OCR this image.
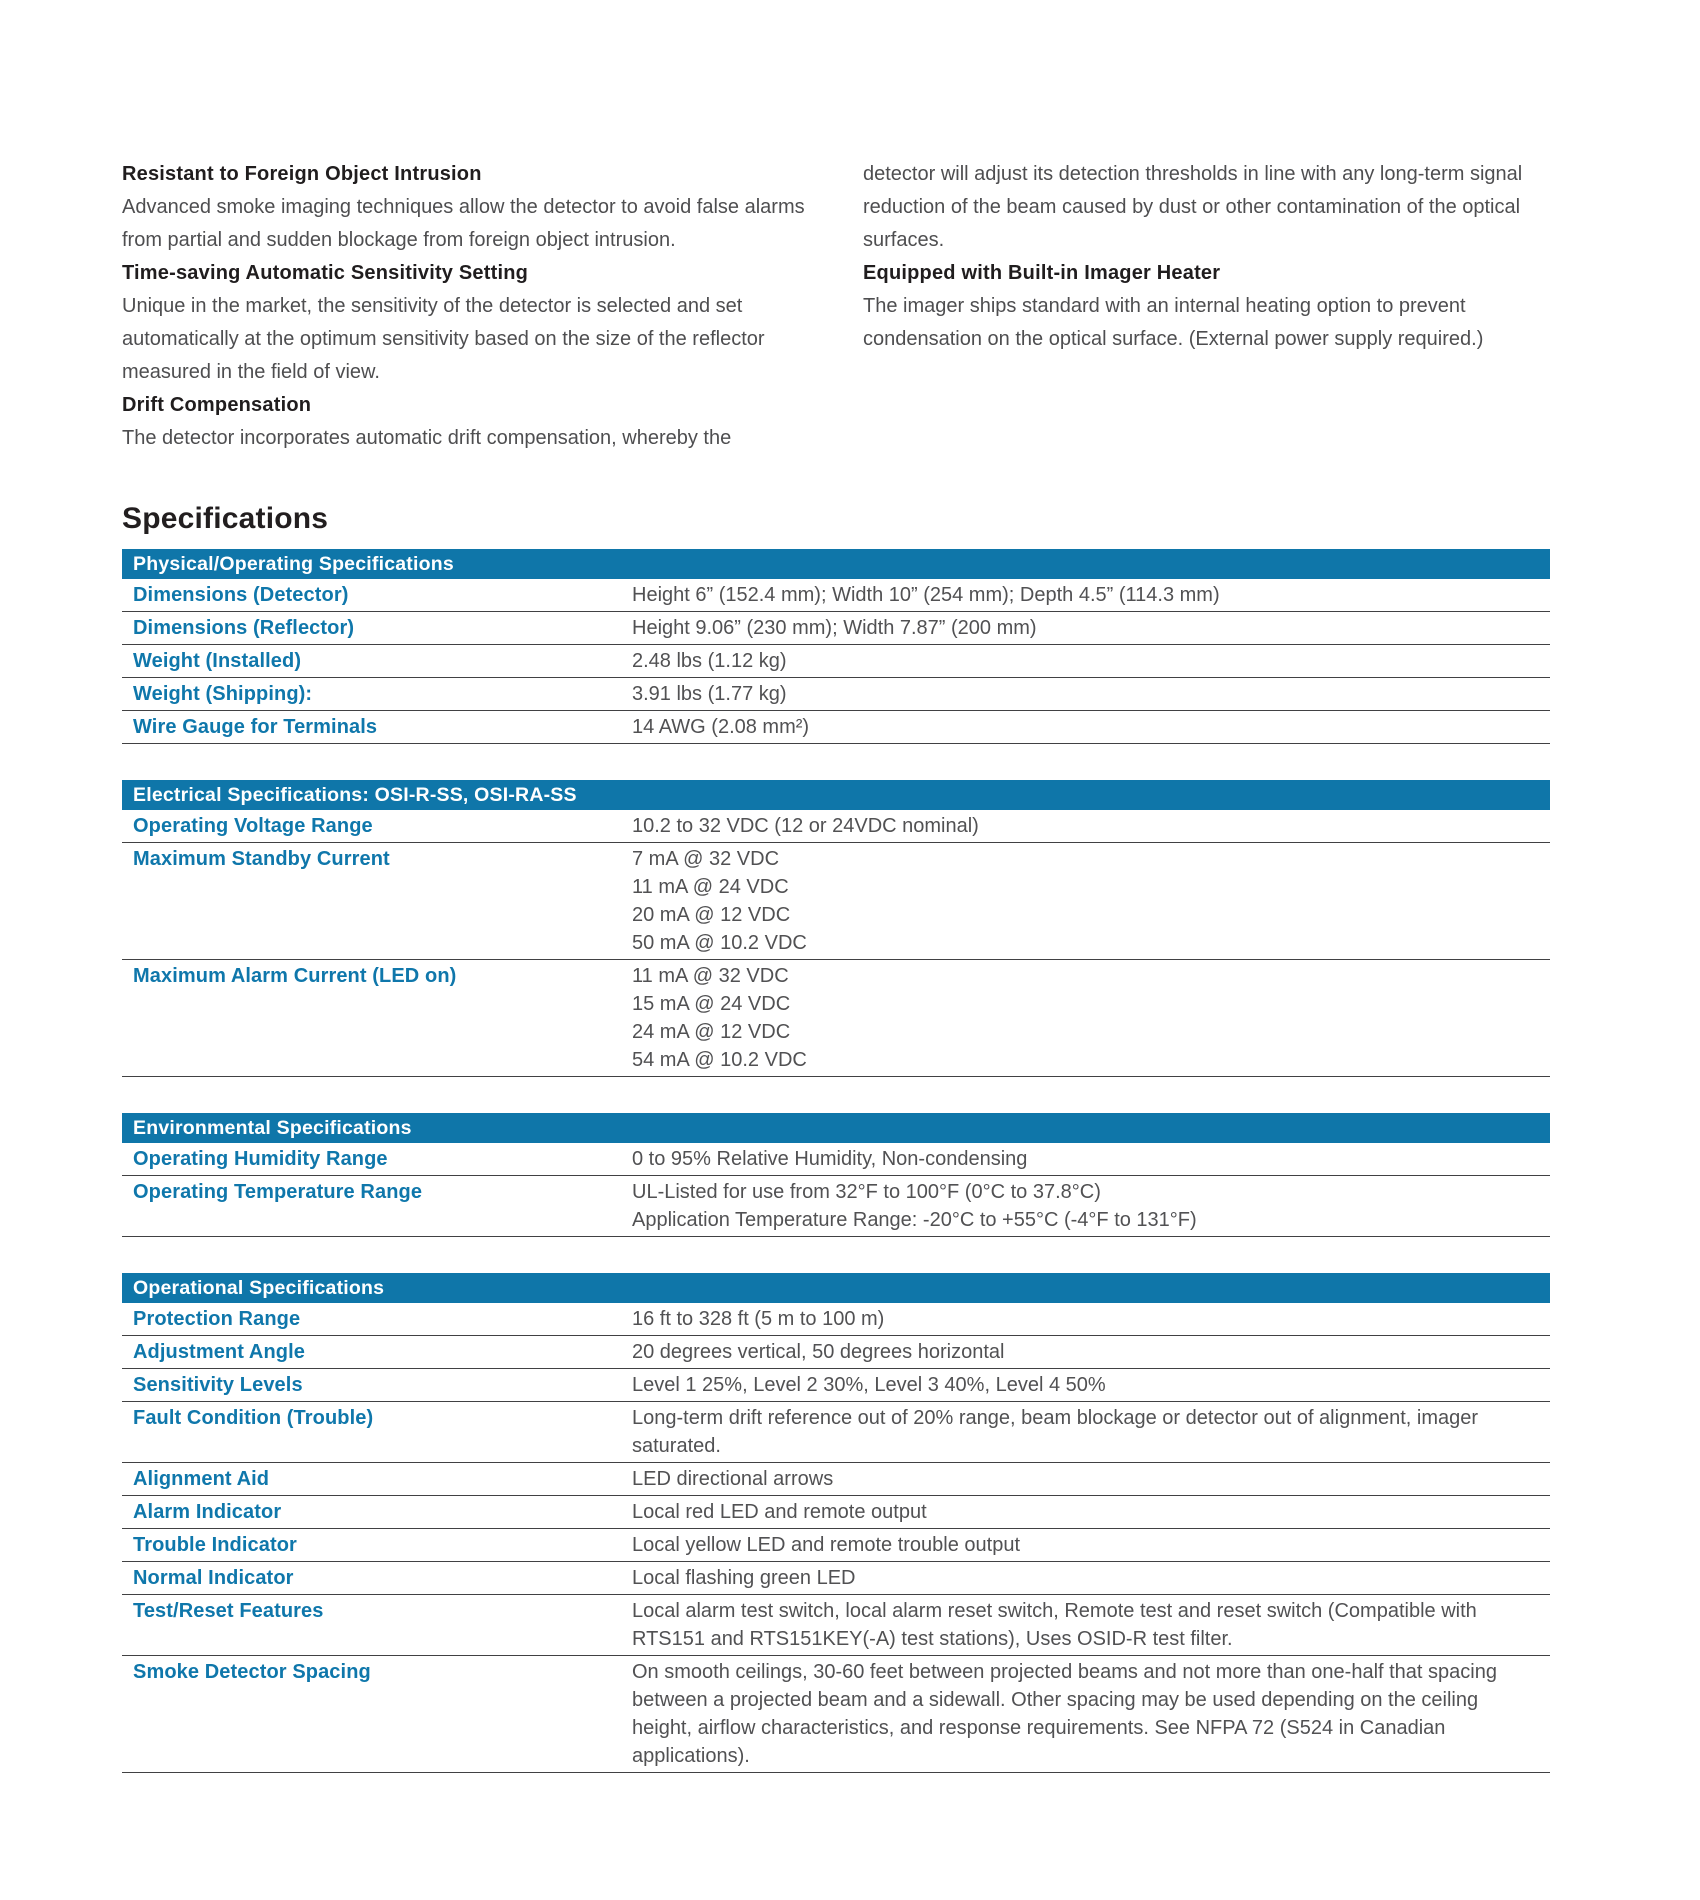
Resistant to Foreign Object Intrusion
Advanced smoke imaging techniques allow the detector to avoid false alarms from partial and sudden blockage from foreign object intrusion.
Time-saving Automatic Sensitivity Setting
Unique in the market, the sensitivity of the detector is selected and set automatically at the optimum sensitivity based on the size of the reflector measured in the field of view.
Drift Compensation
The detector incorporates automatic drift compensation, whereby the
detector will adjust its detection thresholds in line with any long-term signal reduction of the beam caused by dust or other contamination of the optical surfaces.
Equipped with Built-in Imager Heater
The imager ships standard with an internal heating option to prevent condensation on the optical surface. (External power supply required.)
Specifications
Physical/Operating Specifications
Dimensions (Detector)	Height 6” (152.4 mm); Width 10” (254 mm); Depth 4.5” (114.3 mm)
Dimensions (Reflector)	Height 9.06” (230 mm); Width 7.87” (200 mm)
Weight (Installed)	2.48 lbs (1.12 kg)
Weight (Shipping):	3.91 lbs (1.77 kg)
Wire Gauge for Terminals	14 AWG (2.08 mm²)
Electrical Specifications: OSI-R-SS, OSI-RA-SS
Operating Voltage Range	10.2 to 32 VDC (12 or 24VDC nominal)
Maximum Standby Current	7 mA @ 32 VDC
11 mA @ 24 VDC
20 mA @ 12 VDC
50 mA @ 10.2 VDC
Maximum Alarm Current (LED on)	11 mA @ 32 VDC
15 mA @ 24 VDC
24 mA @ 12 VDC
54 mA @ 10.2 VDC
Environmental Specifications
Operating Humidity Range	0 to 95% Relative Humidity, Non-condensing
Operating Temperature Range	UL-Listed for use from 32°F to 100°F (0°C to 37.8°C)
Application Temperature Range: -20°C to +55°C (-4°F to 131°F)
Operational Specifications
Protection Range	16 ft to 328 ft (5 m to 100 m)
Adjustment Angle	20 degrees vertical, 50 degrees horizontal
Sensitivity Levels	Level 1 25%, Level 2 30%, Level 3 40%, Level 4 50%
Fault Condition (Trouble)	Long-term drift reference out of 20% range, beam blockage or detector out of alignment, imager saturated.
Alignment Aid	LED directional arrows
Alarm Indicator	Local red LED and remote output
Trouble Indicator	Local yellow LED and remote trouble output
Normal Indicator	Local flashing green LED
Test/Reset Features	Local alarm test switch, local alarm reset switch, Remote test and reset switch (Compatible with RTS151 and RTS151KEY(-A) test stations), Uses OSID-R test filter.
Smoke Detector Spacing	On smooth ceilings, 30-60 feet between projected beams and not more than one-half that spacing between a projected beam and a sidewall. Other spacing may be used depending on the ceiling height, airflow characteristics, and response requirements. See NFPA 72 (S524 in Canadian applications).
